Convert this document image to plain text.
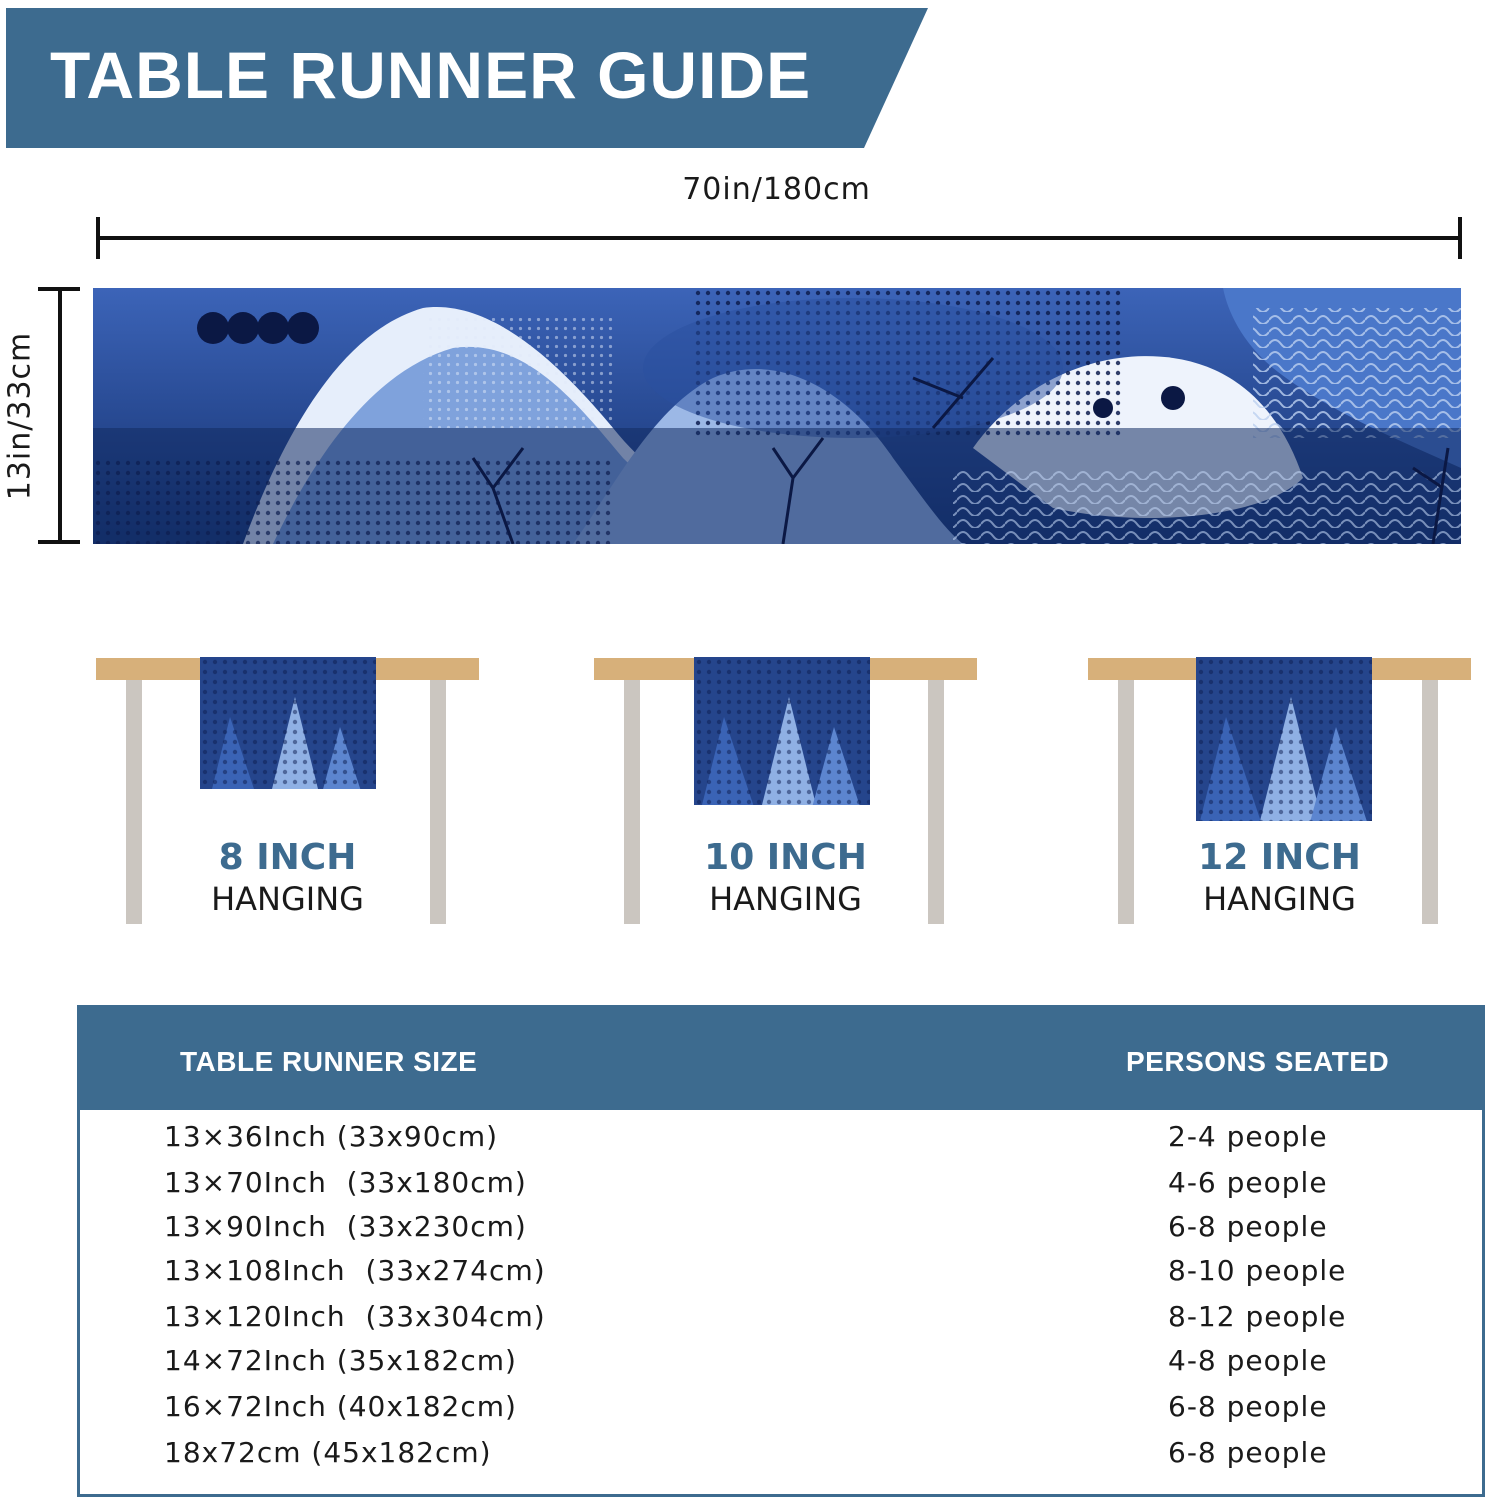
TABLE RUNNER GUIDE
70in/180cm
13in/33cm
8 INCH
HANGING
10 INCH
HANGING
12 INCH
HANGING
TABLE RUNNER SIZE	PERSONS SEATED
13×36Inch (33x90cm)	2-4 people
13×70Inch  (33x180cm)	4-6 people
13×90Inch  (33x230cm)	6-8 people
13×108Inch  (33x274cm)	8-10 people
13×120Inch  (33x304cm)	8-12 people
14×72Inch (35x182cm)	4-8 people
16×72Inch (40x182cm)	6-8 people
18x72cm (45x182cm)	6-8 people
